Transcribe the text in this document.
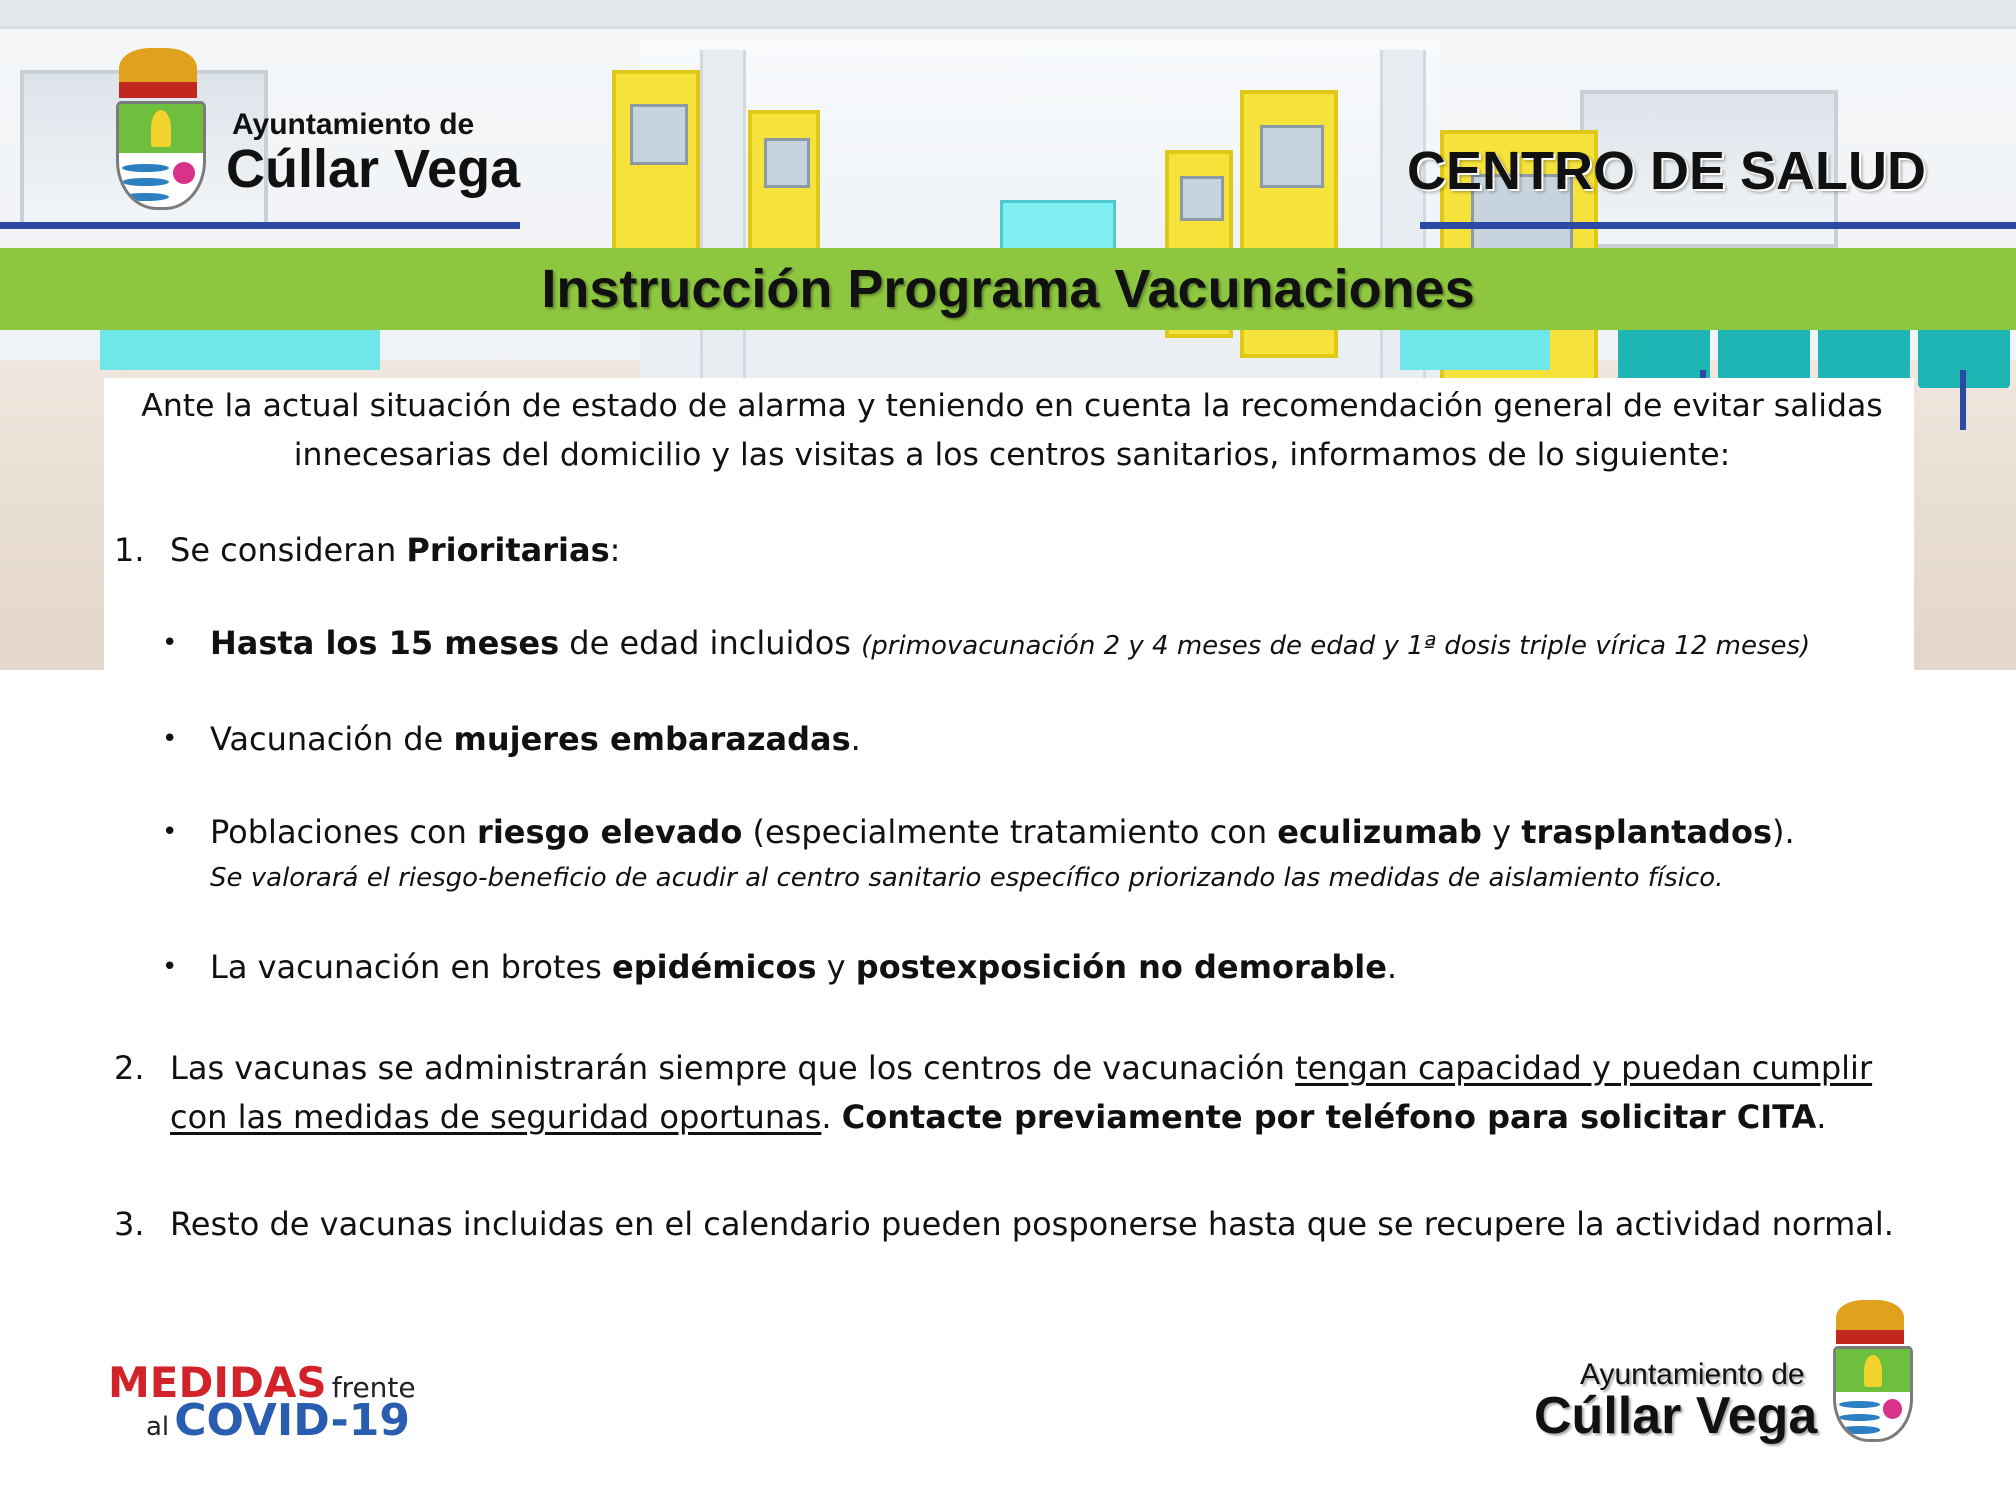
Ayuntamiento de
Cúllar Vega	CENTRO DE SALUD
Instrucción Programa Vacunaciones

Ante la actual situación de estado de alarma y teniendo en cuenta la recomendación general de evitar salidas innecesarias del domicilio y las visitas a los centros sanitarios, informamos de lo siguiente:

1. Se consideran Prioritarias:
• Hasta los 15 meses de edad incluidos (primovacunación 2 y 4 meses de edad y 1ª dosis triple vírica 12 meses)
• Vacunación de mujeres embarazadas.
• Poblaciones con riesgo elevado (especialmente tratamiento con eculizumab y trasplantados).
Se valorará el riesgo-beneficio de acudir al centro sanitario específico priorizando las medidas de aislamiento físico.
• La vacunación en brotes epidémicos y postexposición no demorable.
2. Las vacunas se administrarán siempre que los centros de vacunación tengan capacidad y puedan cumplir con las medidas de seguridad oportunas. Contacte previamente por teléfono para solicitar CITA.
3. Resto de vacunas incluidas en el calendario pueden posponerse hasta que se recupere la actividad normal.
MEDIDAS frente
al COVID-19
Ayuntamiento de
Cúllar Vega
